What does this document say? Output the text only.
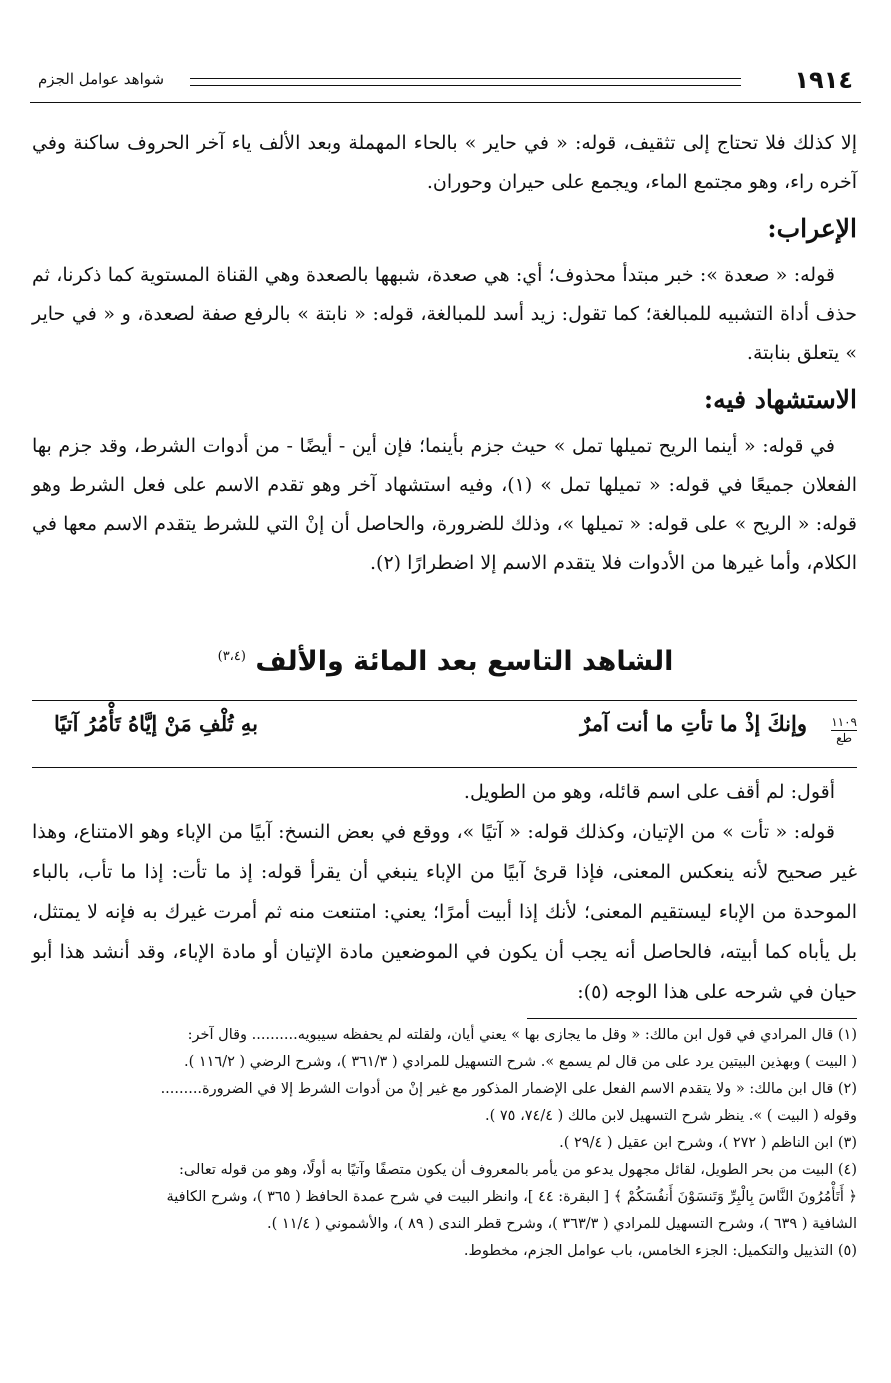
١٩١٤
شواهد عوامل الجزم

إلا كذلك فلا تحتاج إلى تثقيف، قوله: « في حاير » بالحاء المهملة وبعد الألف ياء آخر الحروف ساكنة وفي آخره راء، وهو مجتمع الماء، ويجمع على حيران وحوران.

الإعراب:

قوله: « صعدة »: خبر مبتدأ محذوف؛ أي: هي صعدة، شبهها بالصعدة وهي القناة المستوية كما ذكرنا، ثم حذف أداة التشبيه للمبالغة؛ كما تقول: زيد أسد للمبالغة، قوله: « نابتة » بالرفع صفة لصعدة، و « في حاير » يتعلق بنابتة.

الاستشهاد فيه:

في قوله: « أينما الريح تميلها تمل » حيث جزم بأينما؛ فإن أين - أيضًا - من أدوات الشرط، وقد جزم بها الفعلان جميعًا في قوله: « تميلها تمل » (١)، وفيه استشهاد آخر وهو تقدم الاسم على فعل الشرط وهو قوله: « الريح » على قوله: « تميلها »، وذلك للضرورة، والحاصل أن إنْ التي للشرط يتقدم الاسم معها في الكلام، وأما غيرها من الأدوات فلا يتقدم الاسم إلا اضطرارًا (٢).

الشاهد التاسع بعد المائة والألف $^{(٣،٤)}$
١١٠٩
طع
وإنكَ إذْ ما تأتِ ما أنت آمرٌ
بهِ تُلْفِ مَنْ إيَّاهُ تَأْمُرُ آتيًا

أقول: لم أقف على اسم قائله، وهو من الطويل.

قوله: « تأت » من الإتيان، وكذلك قوله: « آتيًا »، ووقع في بعض النسخ: آبيًا من الإباء وهو الامتناع، وهذا غير صحيح لأنه ينعكس المعنى، فإذا قرئ آبيًا من الإباء ينبغي أن يقرأ قوله: إذ ما تأت: إذا ما تأب، بالباء الموحدة من الإباء ليستقيم المعنى؛ لأنك إذا أبيت أمرًا؛ يعني: امتنعت منه ثم أمرت غيرك به فإنه لا يمتثل، بل يأباه كما أبيته، فالحاصل أنه يجب أن يكون في الموضعين مادة الإتيان أو مادة الإباء، وقد أنشد هذا أبو حيان في شرحه على هذا الوجه (٥):

(١) قال المرادي في قول ابن مالك: « وقل ما يجازى بها » يعني أيان، ولقلته لم يحفظه سيبويه.......... وقال آخر:

( البيت ) وبهذين البيتين يرد على من قال لم يسمع ». شرح التسهيل للمرادي ( ٣٦١/٣ )، وشرح الرضي ( ١١٦/٢ ).

(٢) قال ابن مالك: « ولا يتقدم الاسم الفعل على الإضمار المذكور مع غير إنْ من أدوات الشرط إلا في الضرورة.........

وقوله ( البيت ) ». ينظر شرح التسهيل لابن مالك ( ٧٤/٤، ٧٥ ).

(٣) ابن الناظم ( ٢٧٢ )، وشرح ابن عقيل ( ٢٩/٤ ).

(٤) البيت من بحر الطويل، لقائل مجهول يدعو من يأمر بالمعروف أن يكون متصفًا وآتيًا به أولًا، وهو من قوله تعالى:

﴿ أَتَأْمُرُونَ النَّاسَ بِالْبِرِّ وَتَنسَوْنَ أَنفُسَكُمْ ﴾ [ البقرة: ٤٤ ]، وانظر البيت في شرح عمدة الحافظ ( ٣٦٥ )، وشرح الكافية

الشافية ( ٦٣٩ )، وشرح التسهيل للمرادي ( ٣٦٣/٣ )، وشرح قطر الندى ( ٨٩ )، والأشموني ( ١١/٤ ).

(٥) التذييل والتكميل: الجزء الخامس، باب عوامل الجزم، مخطوط.
